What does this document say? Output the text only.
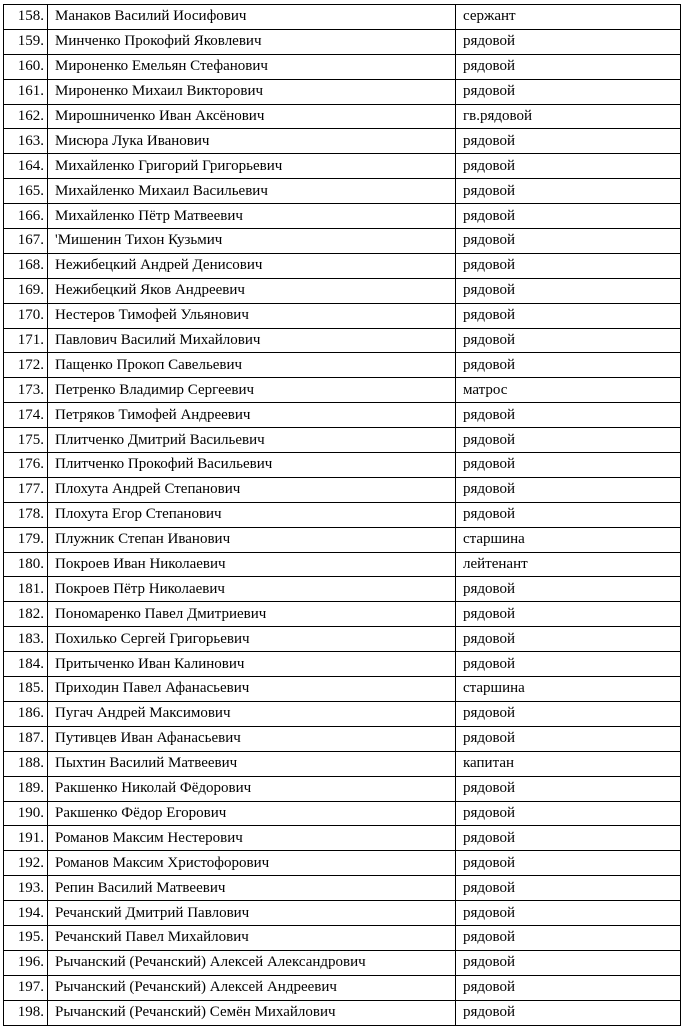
158.	Манаков Василий Иосифович	сержант
159.	Минченко Прокофий Яковлевич	рядовой
160.	Мироненко Емельян Стефанович	рядовой
161.	Мироненко Михаил Викторович	рядовой
162.	Мирошниченко Иван Аксёнович	гв.рядовой
163.	Мисюра Лука Иванович	рядовой
164.	Михайленко Григорий Григорьевич	рядовой
165.	Михайленко Михаил Васильевич	рядовой
166.	Михайленко Пётр Матвеевич	рядовой
167.	'Мишенин Тихон Кузьмич	рядовой
168.	Нежибецкий Андрей Денисович	рядовой
169.	Нежибецкий Яков Андреевич	рядовой
170.	Нестеров Тимофей Ульянович	рядовой
171.	Павлович Василий Михайлович	рядовой
172.	Пащенко Прокоп Савельевич	рядовой
173.	Петренко Владимир Сергеевич	матрос
174.	Петряков Тимофей Андреевич	рядовой
175.	Плитченко Дмитрий Васильевич	рядовой
176.	Плитченко Прокофий Васильевич	рядовой
177.	Плохута Андрей Степанович	рядовой
178.	Плохута Егор Степанович	рядовой
179.	Плужник Степан Иванович	старшина
180.	Покроев Иван Николаевич	лейтенант
181.	Покроев Пётр Николаевич	рядовой
182.	Пономаренко Павел Дмитриевич	рядовой
183.	Похилько Сергей Григорьевич	рядовой
184.	Притыченко Иван Калинович	рядовой
185.	Приходин Павел Афанасьевич	старшина
186.	Пугач Андрей Максимович	рядовой
187.	Путивцев Иван Афанасьевич	рядовой
188.	Пыхтин Василий Матвеевич	капитан
189.	Ракшенко Николай Фёдорович	рядовой
190.	Ракшенко Фёдор Егорович	рядовой
191.	Романов Максим Нестерович	рядовой
192.	Романов Максим Христофорович	рядовой
193.	Репин Василий Матвеевич	рядовой
194.	Речанский Дмитрий Павлович	рядовой
195.	Речанский Павел Михайлович	рядовой
196.	Рычанский (Речанский) Алексей Александрович	рядовой
197.	Рычанский (Речанский) Алексей Андреевич	рядовой
198.	Рычанский (Речанский) Семён Михайлович	рядовой
